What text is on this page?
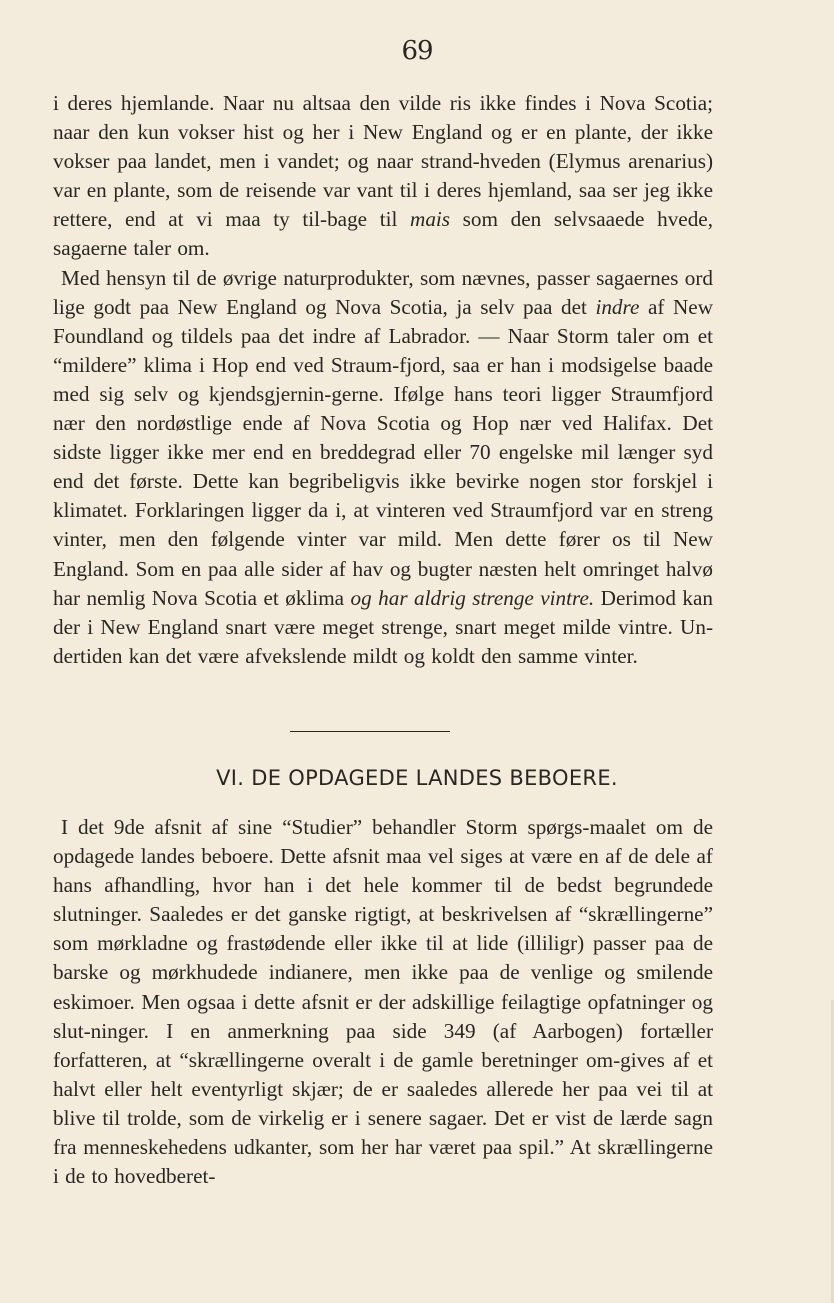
69

i deres hjemlande. Naar nu altsaa den vilde ris ikke findes i Nova Scotia; naar den kun vokser hist og her i New England og er en plante, der ikke vokser paa landet, men i vandet; og naar strand-hveden (Elymus arenarius) var en plante, som de reisende var vant til i deres hjemland, saa ser jeg ikke rettere, end at vi maa ty til-bage til mais som den selvsaaede hvede, sagaerne taler om.

Med hensyn til de øvrige naturprodukter, som nævnes, passer sagaernes ord lige godt paa New England og Nova Scotia, ja selv paa det indre af New Foundland og tildels paa det indre af Labrador. — Naar Storm taler om et “mildere” klima i Hop end ved Straum-fjord, saa er han i modsigelse baade med sig selv og kjendsgjernin-gerne. Ifølge hans teori ligger Straumfjord nær den nordøstlige ende af Nova Scotia og Hop nær ved Halifax. Det sidste ligger ikke mer end en breddegrad eller 70 engelske mil længer syd end det første. Dette kan begribeligvis ikke bevirke nogen stor forskjel i klimatet. Forklaringen ligger da i, at vinteren ved Straumfjord var en streng vinter, men den følgende vinter var mild. Men dette fører os til New England. Som en paa alle sider af hav og bugter næsten helt omringet halvø har nemlig Nova Scotia et øklima og har aldrig strenge vintre. Derimod kan der i New England snart være meget strenge, snart meget milde vintre. Un-dertiden kan det være afvekslende mildt og koldt den samme vinter.

VI. DE OPDAGEDE LANDES BEBOERE.

I det 9de afsnit af sine “Studier” behandler Storm spørgs-maalet om de opdagede landes beboere. Dette afsnit maa vel siges at være en af de dele af hans afhandling, hvor han i det hele kommer til de bedst begrundede slutninger. Saaledes er det ganske rigtigt, at beskrivelsen af “skrællingerne” som mørkladne og frastødende eller ikke til at lide (illiligr) passer paa de barske og mørkhudede indianere, men ikke paa de venlige og smilende eskimoer. Men ogsaa i dette afsnit er der adskillige feilagtige opfatninger og slut-ninger. I en anmerkning paa side 349 (af Aarbogen) fortæller forfatteren, at “skrællingerne overalt i de gamle beretninger om-gives af et halvt eller helt eventyrligt skjær; de er saaledes allerede her paa vei til at blive til trolde, som de virkelig er i senere sagaer. Det er vist de lærde sagn fra menneskehedens udkanter, som her har været paa spil.” At skrællingerne i de to hovedberet-
